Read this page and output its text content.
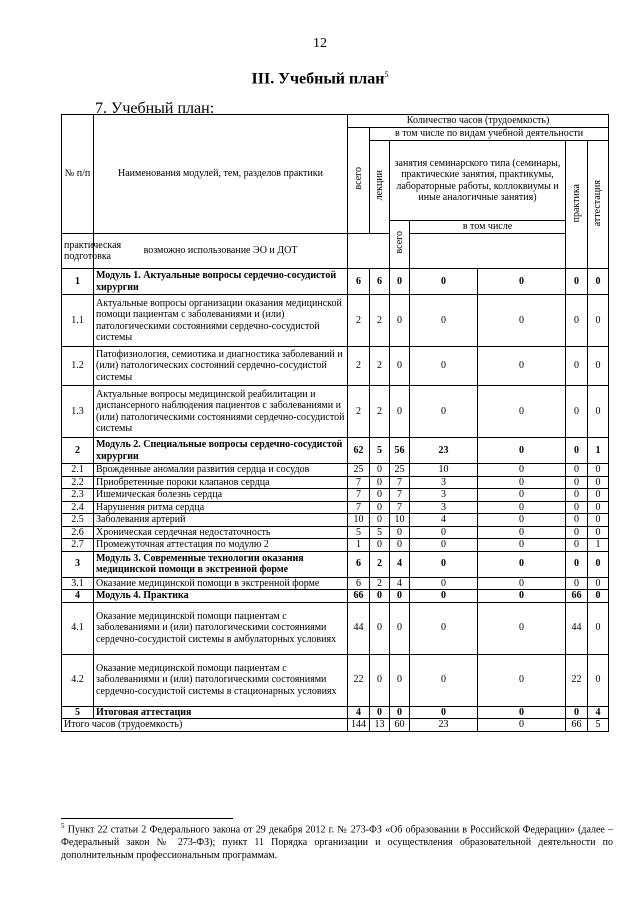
12
III. Учебный план$^5$
7. Учебный план:
№ п/п	Наименования модулей, тем, разделов практики	Количество часов (трудоемкость)						
		всего	в том числе по видам учебной деятельности					
			лекции	занятия семинарского типа (семинары, практические занятия, практикумы, лабораторные работы, коллоквиумы и иные аналогичные занятия)			практика	аттестация
				всего	в том числе			
практическая подготовка	возможно использование ЭО и ДОТ							
1	Модуль 1. Актуальные вопросы сердечно-сосудистой хирургии	6	6	0	0	0	0	0
1.1	Актуальные вопросы организации оказания медицинской помощи пациентам с заболеваниями и (или) патологическими состояниями сердечно-сосудистой системы	2	2	0	0	0	0	0
1.2	Патофизиология, семиотика и диагностика заболеваний и (или) патологических состояний сердечно-сосудистой системы	2	2	0	0	0	0	0
1.3	Актуальные вопросы медицинской реабилитации и диспансерного наблюдения пациентов с заболеваниями и (или) патологическими состояниями сердечно-сосудистой системы	2	2	0	0	0	0	0
2	Модуль 2. Специальные вопросы сердечно-сосудистой хирургии	62	5	56	23	0	0	1
2.1	Врожденные аномалии развития сердца и сосудов	25	0	25	10	0	0	0
2.2	Приобретенные пороки клапанов сердца	7	0	7	3	0	0	0
2.3	Ишемическая болезнь сердца	7	0	7	3	0	0	0
2.4	Нарушения ритма сердца	7	0	7	3	0	0	0
2.5	Заболевания артерий	10	0	10	4	0	0	0
2.6	Хроническая сердечная недостаточность	5	5	0	0	0	0	0
2.7	Промежуточная аттестация по модулю 2	1	0	0	0	0	0	1
3	Модуль 3. Современные технологии оказания медицинской помощи в экстренной форме	6	2	4	0	0	0	0
3.1	Оказание медицинской помощи в экстренной форме	6	2	4	0	0	0	0
4	Модуль 4. Практика	66	0	0	0	0	66	0
4.1	Оказание медицинской помощи пациентам с заболеваниями и (или) патологическими состояниями сердечно-сосудистой системы в амбулаторных условиях	44	0	0	0	0	44	0
4.2	Оказание медицинской помощи пациентам с заболеваниями и (или) патологическими состояниями сердечно-сосудистой системы в стационарных условиях	22	0	0	0	0	22	0
5	Итоговая аттестация	4	0	0	0	0	0	4
Итого часов (трудоемкость)		144	13	60	23	0	66	5
$^5$ Пункт 22 статьи 2 Федерального закона от 29 декабря 2012 г. № 273-ФЗ «Об образовании в Российской Федерации» (далее – Федеральный закон № 273-ФЗ); пункт 11 Порядка организации и осуществления образовательной деятельности по дополнительным профессиональным программам.
